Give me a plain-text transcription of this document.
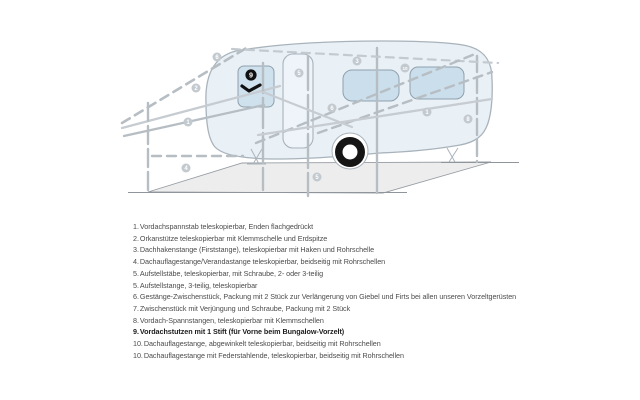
2
1
4
6
5
6
3
10
1
8
5
9
1.Vordachspannstab teleskopierbar, Enden flachgedrückt
2.Orkanstütze teleskopierbar mit Klemmschelle und Erdspitze
3.Dachhakenstange (Firststange), teleskopierbar mit Haken und Rohrschelle
4.Dachauflagestange/Verandastange teleskopierbar, beidseitig mit Rohrschellen
5.Aufstellstäbe, teleskopierbar, mit Schraube, 2- oder 3-teilig
5.Aufstellstange, 3-teilig, teleskopierbar
6.Gestänge-Zwischenstück, Packung mit 2 Stück zur Verlängerung von Giebel und Firts bei allen unseren Vorzeltgerüsten
7.Zwischenstück mit Verjüngung und Schraube, Packung mit 2 Stück
8.Vordach-Spannstangen, teleskopierbar mit Klemmschellen
9.Vordachstutzen mit 1 Stift (für Vorne beim Bungalow-Vorzelt)
10.Dachauflagestange, abgewinkelt teleskopierbar, beidseitig mit Rohrschellen
10.Dachauflagestange mit Federstahlende, teleskopierbar, beidseitig mit Rohrschellen
